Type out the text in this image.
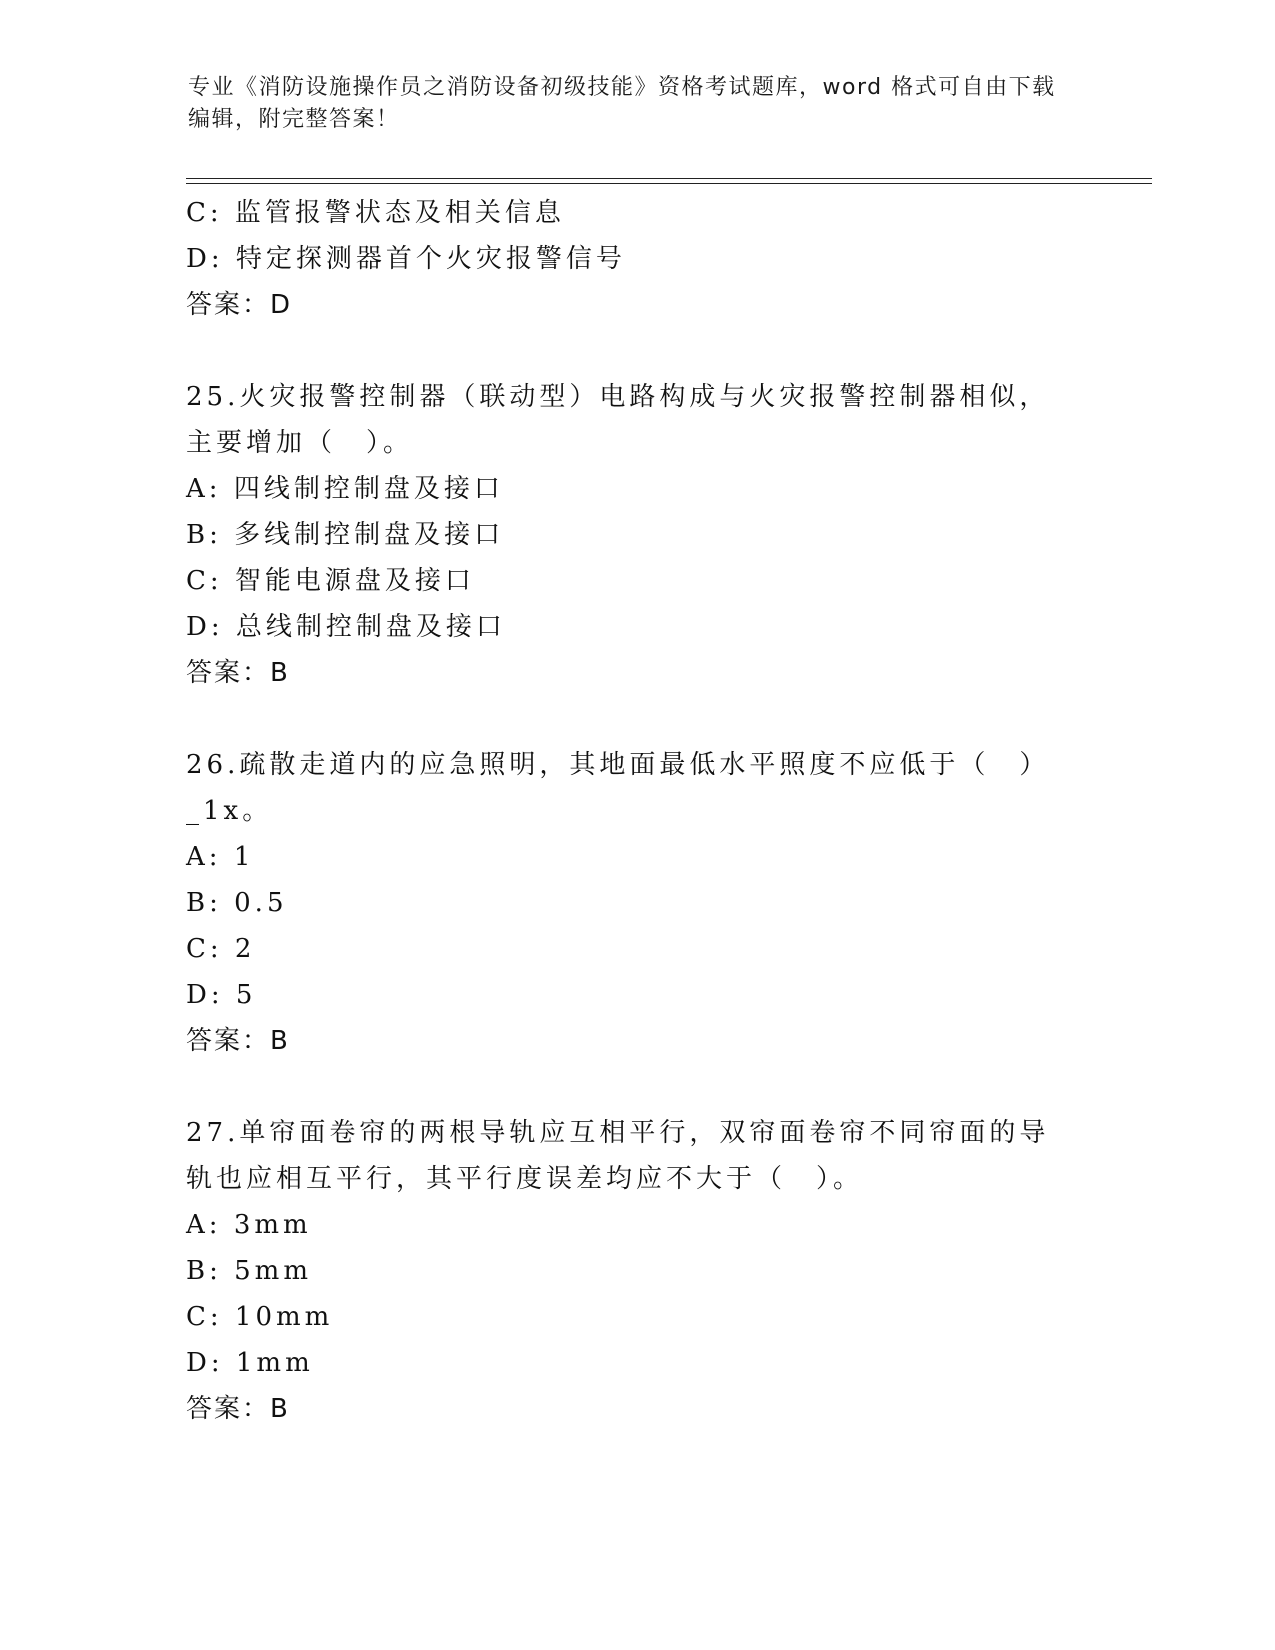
专业《消防设施操作员之消防设备初级技能》资格考试题库，word 格式可自由下载编辑，附完整答案！
C: 监管报警状态及相关信息
D: 特定探测器首个火灾报警信号
答案：D
25.火灾报警控制器（联动型）电路构成与火灾报警控制器相似，主要增加（　）。
A: 四线制控制盘及接口
B: 多线制控制盘及接口
C: 智能电源盘及接口
D: 总线制控制盘及接口
答案：B
26.疏散走道内的应急照明，其地面最低水平照度不应低于（　）_1x。
A: 1
B: 0.5
C: 2
D: 5
答案：B
27.单帘面卷帘的两根导轨应互相平行，双帘面卷帘不同帘面的导轨也应相互平行，其平行度误差均应不大于（　）。
A: 3mm
B: 5mm
C: 10mm
D: 1mm
答案：B
